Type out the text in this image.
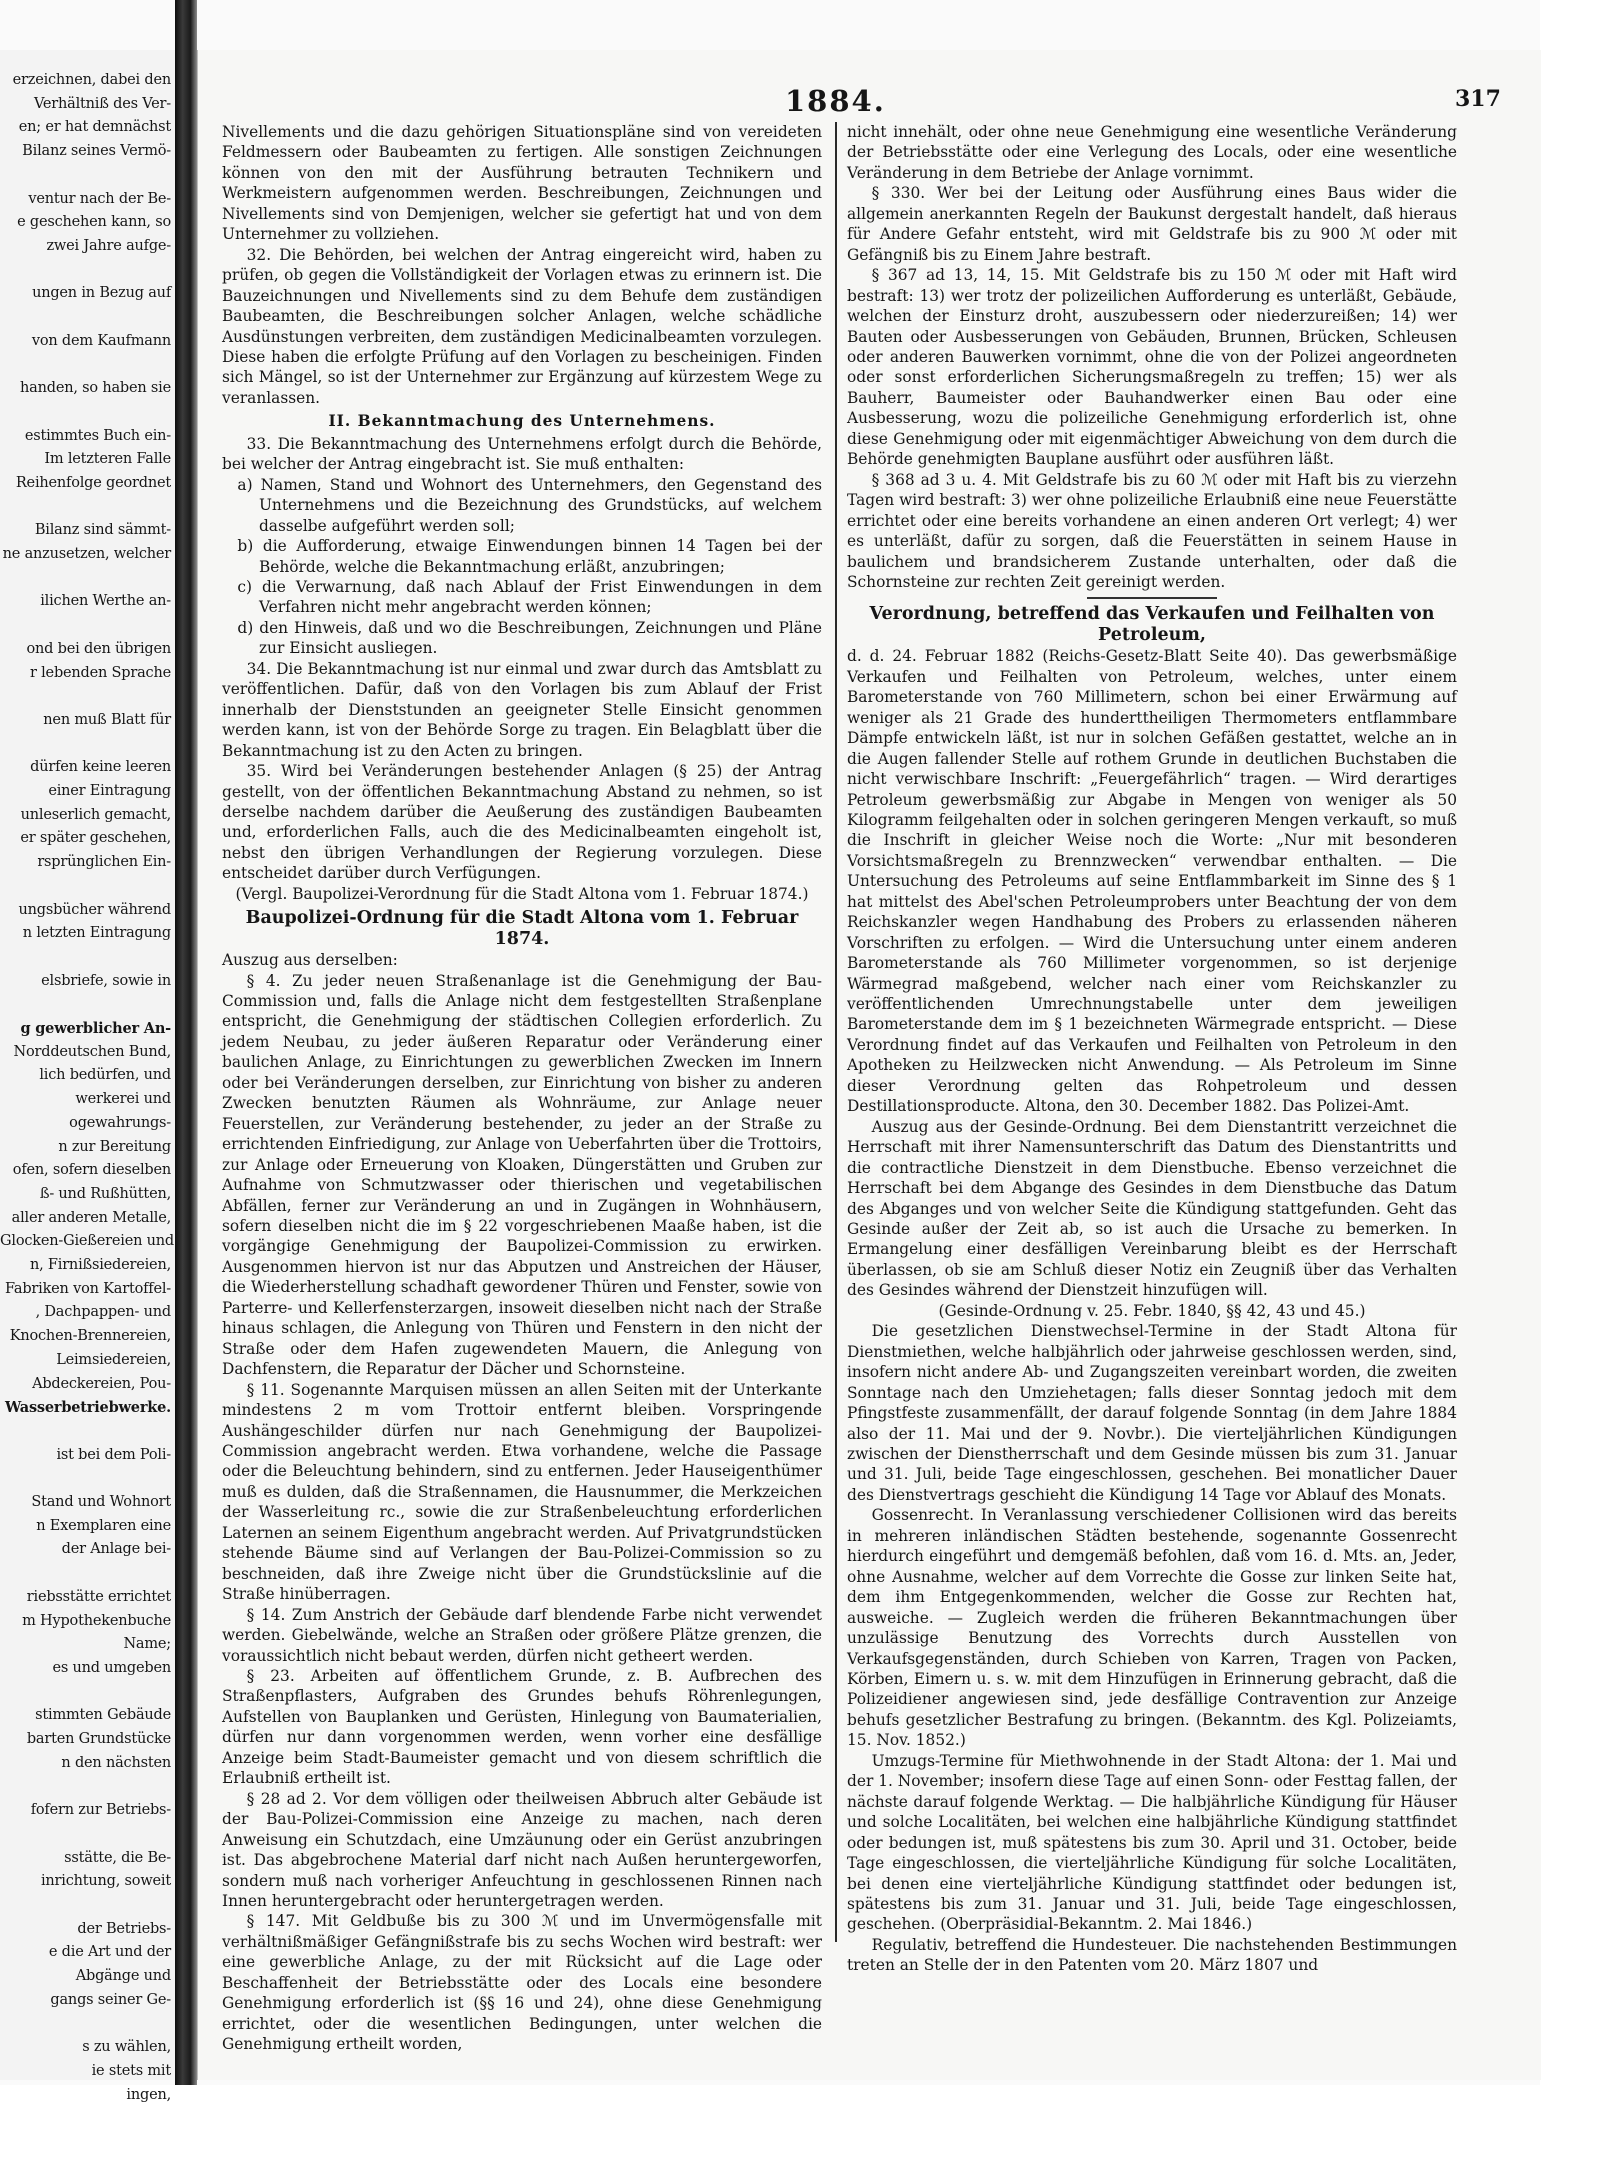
erzeichnen, dabei den
Verhältniß des Ver-
en; er hat demnächst
Bilanz seines Vermö-
ventur nach der Be-
e geschehen kann, so
zwei Jahre aufge-
ungen in Bezug auf
von dem Kaufmann
handen, so haben sie
estimmtes Buch ein-
Im letzteren Falle
Reihenfolge geordnet
Bilanz sind sämmt-
ne anzusetzen, welcher
ilichen Werthe an-
ond bei den übrigen
r lebenden Sprache
nen muß Blatt für
dürfen keine leeren
einer Eintragung
unleserlich gemacht,
er später geschehen,
rsprünglichen Ein-
ungsbücher während
n letzten Eintragung
elsbriefe, sowie in
g gewerblicher An-
Norddeutschen Bund,
lich bedürfen, und
werkerei und
ogewahrungs-
n zur Bereitung
ofen, sofern dieselben
ß- und Rußhütten,
aller anderen Metalle,
Glocken-Gießereien und
n, Firnißsiedereien,
Fabriken von Kartoffel-
, Dachpappen- und
Knochen-Brennereien,
Leimsiedereien,
Abdeckereien, Pou-
Wasserbetriebwerke.
ist bei dem Poli-
Stand und Wohnort
n Exemplaren eine
der Anlage bei-
riebsstätte errichtet
m Hypothekenbuche
Name;
es und umgeben
stimmten Gebäude
barten Grundstücke
n den nächsten
fofern zur Betriebs-
sstätte, die Be-
inrichtung, soweit
der Betriebs-
e die Art und der
Abgänge und
gangs seiner Ge-
s zu wählen,
ie stets mit
ingen,
1884.	317

Nivellements und die dazu gehörigen Situationspläne sind von vereideten Feldmessern oder Baubeamten zu fertigen. Alle sonstigen Zeichnungen können von den mit der Ausführung betrauten Technikern und Werkmeistern aufgenommen werden. Beschreibungen, Zeichnungen und Nivellements sind von Demjenigen, welcher sie gefertigt hat und von dem Unternehmer zu vollziehen.

32. Die Behörden, bei welchen der Antrag eingereicht wird, haben zu prüfen, ob gegen die Vollständigkeit der Vorlagen etwas zu erinnern ist. Die Bauzeichnungen und Nivellements sind zu dem Behufe dem zuständigen Baubeamten, die Beschreibungen solcher Anlagen, welche schädliche Ausdünstungen verbreiten, dem zuständigen Medicinalbeamten vorzulegen. Diese haben die erfolgte Prüfung auf den Vorlagen zu bescheinigen. Finden sich Mängel, so ist der Unternehmer zur Ergänzung auf kürzestem Wege zu veranlassen.

II. Bekanntmachung des Unternehmens.

33. Die Bekanntmachung des Unternehmens erfolgt durch die Behörde, bei welcher der Antrag eingebracht ist. Sie muß enthalten:

a) Namen, Stand und Wohnort des Unternehmers, den Gegenstand des Unternehmens und die Bezeichnung des Grundstücks, auf welchem dasselbe aufgeführt werden soll;

b) die Aufforderung, etwaige Einwendungen binnen 14 Tagen bei der Behörde, welche die Bekanntmachung erläßt, anzubringen;

c) die Verwarnung, daß nach Ablauf der Frist Einwendungen in dem Verfahren nicht mehr angebracht werden können;

d) den Hinweis, daß und wo die Beschreibungen, Zeichnungen und Pläne zur Einsicht ausliegen.

34. Die Bekanntmachung ist nur einmal und zwar durch das Amtsblatt zu veröffentlichen. Dafür, daß von den Vorlagen bis zum Ablauf der Frist innerhalb der Dienststunden an geeigneter Stelle Einsicht genommen werden kann, ist von der Behörde Sorge zu tragen. Ein Belagblatt über die Bekanntmachung ist zu den Acten zu bringen.

35. Wird bei Veränderungen bestehender Anlagen (§ 25) der Antrag gestellt, von der öffentlichen Bekanntmachung Abstand zu nehmen, so ist derselbe nachdem darüber die Aeußerung des zuständigen Baubeamten und, erforderlichen Falls, auch die des Medicinalbeamten eingeholt ist, nebst den übrigen Verhandlungen der Regierung vorzulegen. Diese entscheidet darüber durch Verfügungen.

(Vergl. Baupolizei-Verordnung für die Stadt Altona vom 1. Februar 1874.)

Baupolizei-Ordnung für die Stadt Altona vom 1. Februar 1874.

Auszug aus derselben:

§ 4. Zu jeder neuen Straßenanlage ist die Genehmigung der Bau-Commission und, falls die Anlage nicht dem festgestellten Straßenplane entspricht, die Genehmigung der städtischen Collegien erforderlich. Zu jedem Neubau, zu jeder äußeren Reparatur oder Veränderung einer baulichen Anlage, zu Einrichtungen zu gewerblichen Zwecken im Innern oder bei Veränderungen derselben, zur Einrichtung von bisher zu anderen Zwecken benutzten Räumen als Wohnräume, zur Anlage neuer Feuerstellen, zur Veränderung bestehender, zu jeder an der Straße zu errichtenden Einfriedigung, zur Anlage von Ueberfahrten über die Trottoirs, zur Anlage oder Erneuerung von Kloaken, Düngerstätten und Gruben zur Aufnahme von Schmutzwasser oder thierischen und vegetabilischen Abfällen, ferner zur Veränderung an und in Zugängen in Wohnhäusern, sofern dieselben nicht die im § 22 vorgeschriebenen Maaße haben, ist die vorgängige Genehmigung der Baupolizei-Commission zu erwirken. Ausgenommen hiervon ist nur das Abputzen und Anstreichen der Häuser, die Wiederherstellung schadhaft gewordener Thüren und Fenster, sowie von Parterre- und Kellerfensterzargen, insoweit dieselben nicht nach der Straße hinaus schlagen, die Anlegung von Thüren und Fenstern in den nicht der Straße oder dem Hafen zugewendeten Mauern, die Anlegung von Dachfenstern, die Reparatur der Dächer und Schornsteine.

§ 11. Sogenannte Marquisen müssen an allen Seiten mit der Unterkante mindestens 2 m vom Trottoir entfernt bleiben. Vorspringende Aushängeschilder dürfen nur nach Genehmigung der Baupolizei-Commission angebracht werden. Etwa vorhandene, welche die Passage oder die Beleuchtung behindern, sind zu entfernen. Jeder Hauseigenthümer muß es dulden, daß die Straßennamen, die Hausnummer, die Merkzeichen der Wasserleitung rc., sowie die zur Straßenbeleuchtung erforderlichen Laternen an seinem Eigenthum angebracht werden. Auf Privatgrundstücken stehende Bäume sind auf Verlangen der Bau-Polizei-Commission so zu beschneiden, daß ihre Zweige nicht über die Grundstückslinie auf die Straße hinüberragen.

§ 14. Zum Anstrich der Gebäude darf blendende Farbe nicht verwendet werden. Giebelwände, welche an Straßen oder größere Plätze grenzen, die voraussichtlich nicht bebaut werden, dürfen nicht getheert werden.

§ 23. Arbeiten auf öffentlichem Grunde, z. B. Aufbrechen des Straßenpflasters, Aufgraben des Grundes behufs Röhrenlegungen, Aufstellen von Bauplanken und Gerüsten, Hinlegung von Baumaterialien, dürfen nur dann vorgenommen werden, wenn vorher eine desfällige Anzeige beim Stadt-Baumeister gemacht und von diesem schriftlich die Erlaubniß ertheilt ist.

§ 28 ad 2. Vor dem völligen oder theilweisen Abbruch alter Gebäude ist der Bau-Polizei-Commission eine Anzeige zu machen, nach deren Anweisung ein Schutzdach, eine Umzäunung oder ein Gerüst anzubringen ist. Das abgebrochene Material darf nicht nach Außen heruntergeworfen, sondern muß nach vorheriger Anfeuchtung in geschlossenen Rinnen nach Innen heruntergebracht oder heruntergetragen werden.

§ 147. Mit Geldbuße bis zu 300 ℳ und im Unvermögensfalle mit verhältnißmäßiger Gefängnißstrafe bis zu sechs Wochen wird bestraft: wer eine gewerbliche Anlage, zu der mit Rücksicht auf die Lage oder Beschaffenheit der Betriebsstätte oder des Locals eine besondere Genehmigung erforderlich ist (§§ 16 und 24), ohne diese Genehmigung errichtet, oder die wesentlichen Bedingungen, unter welchen die Genehmigung ertheilt worden,

nicht innehält, oder ohne neue Genehmigung eine wesentliche Veränderung der Betriebsstätte oder eine Verlegung des Locals, oder eine wesentliche Veränderung in dem Betriebe der Anlage vornimmt.

§ 330. Wer bei der Leitung oder Ausführung eines Baus wider die allgemein anerkannten Regeln der Baukunst dergestalt handelt, daß hieraus für Andere Gefahr entsteht, wird mit Geldstrafe bis zu 900 ℳ oder mit Gefängniß bis zu Einem Jahre bestraft.

§ 367 ad 13, 14, 15. Mit Geldstrafe bis zu 150 ℳ oder mit Haft wird bestraft: 13) wer trotz der polizeilichen Aufforderung es unterläßt, Gebäude, welchen der Einsturz droht, auszubessern oder niederzureißen; 14) wer Bauten oder Ausbesserungen von Gebäuden, Brunnen, Brücken, Schleusen oder anderen Bauwerken vornimmt, ohne die von der Polizei angeordneten oder sonst erforderlichen Sicherungsmaßregeln zu treffen; 15) wer als Bauherr, Baumeister oder Bauhandwerker einen Bau oder eine Ausbesserung, wozu die polizeiliche Genehmigung erforderlich ist, ohne diese Genehmigung oder mit eigenmächtiger Abweichung von dem durch die Behörde genehmigten Bauplane ausführt oder ausführen läßt.

§ 368 ad 3 u. 4. Mit Geldstrafe bis zu 60 ℳ oder mit Haft bis zu vierzehn Tagen wird bestraft: 3) wer ohne polizeiliche Erlaubniß eine neue Feuerstätte errichtet oder eine bereits vorhandene an einen anderen Ort verlegt; 4) wer es unterläßt, dafür zu sorgen, daß die Feuerstätten in seinem Hause in baulichem und brandsicherem Zustande unterhalten, oder daß die Schornsteine zur rechten Zeit gereinigt werden.

Verordnung, betreffend das Verkaufen und Feilhalten von Petroleum,

d. d. 24. Februar 1882 (Reichs-Gesetz-Blatt Seite 40). Das gewerbsmäßige Verkaufen und Feilhalten von Petroleum, welches, unter einem Barometerstande von 760 Millimetern, schon bei einer Erwärmung auf weniger als 21 Grade des hunderttheiligen Thermometers entflammbare Dämpfe entwickeln läßt, ist nur in solchen Gefäßen gestattet, welche an in die Augen fallender Stelle auf rothem Grunde in deutlichen Buchstaben die nicht verwischbare Inschrift: „Feuergefährlich“ tragen. — Wird derartiges Petroleum gewerbsmäßig zur Abgabe in Mengen von weniger als 50 Kilogramm feilgehalten oder in solchen geringeren Mengen verkauft, so muß die Inschrift in gleicher Weise noch die Worte: „Nur mit besonderen Vorsichtsmaßregeln zu Brennzwecken“ verwendbar enthalten. — Die Untersuchung des Petroleums auf seine Entflammbarkeit im Sinne des § 1 hat mittelst des Abel'schen Petroleumprobers unter Beachtung der von dem Reichskanzler wegen Handhabung des Probers zu erlassenden näheren Vorschriften zu erfolgen. — Wird die Untersuchung unter einem anderen Barometerstande als 760 Millimeter vorgenommen, so ist derjenige Wärmegrad maßgebend, welcher nach einer vom Reichskanzler zu veröffentlichenden Umrechnungstabelle unter dem jeweiligen Barometerstande dem im § 1 bezeichneten Wärmegrade entspricht. — Diese Verordnung findet auf das Verkaufen und Feilhalten von Petroleum in den Apotheken zu Heilzwecken nicht Anwendung. — Als Petroleum im Sinne dieser Verordnung gelten das Rohpetroleum und dessen Destillationsproducte. Altona, den 30. December 1882. Das Polizei-Amt.

Auszug aus der Gesinde-Ordnung. Bei dem Dienstantritt verzeichnet die Herrschaft mit ihrer Namensunterschrift das Datum des Dienstantritts und die contractliche Dienstzeit in dem Dienstbuche. Ebenso verzeichnet die Herrschaft bei dem Abgange des Gesindes in dem Dienstbuche das Datum des Abganges und von welcher Seite die Kündigung stattgefunden. Geht das Gesinde außer der Zeit ab, so ist auch die Ursache zu bemerken. In Ermangelung einer desfälligen Vereinbarung bleibt es der Herrschaft überlassen, ob sie am Schluß dieser Notiz ein Zeugniß über das Verhalten des Gesindes während der Dienstzeit hinzufügen will.

(Gesinde-Ordnung v. 25. Febr. 1840, §§ 42, 43 und 45.)

Die gesetzlichen Dienstwechsel-Termine in der Stadt Altona für Dienstmiethen, welche halbjährlich oder jahrweise geschlossen werden, sind, insofern nicht andere Ab- und Zugangszeiten vereinbart worden, die zweiten Sonntage nach den Umziehetagen; falls dieser Sonntag jedoch mit dem Pfingstfeste zusammenfällt, der darauf folgende Sonntag (in dem Jahre 1884 also der 11. Mai und der 9. Novbr.). Die vierteljährlichen Kündigungen zwischen der Dienstherrschaft und dem Gesinde müssen bis zum 31. Januar und 31. Juli, beide Tage eingeschlossen, geschehen. Bei monatlicher Dauer des Dienstvertrags geschieht die Kündigung 14 Tage vor Ablauf des Monats.

Gossenrecht. In Veranlassung verschiedener Collisionen wird das bereits in mehreren inländischen Städten bestehende, sogenannte Gossenrecht hierdurch eingeführt und demgemäß befohlen, daß vom 16. d. Mts. an, Jeder, ohne Ausnahme, welcher auf dem Vorrechte die Gosse zur linken Seite hat, dem ihm Entgegenkommenden, welcher die Gosse zur Rechten hat, ausweiche. — Zugleich werden die früheren Bekanntmachungen über unzulässige Benutzung des Vorrechts durch Ausstellen von Verkaufsgegenständen, durch Schieben von Karren, Tragen von Packen, Körben, Eimern u. s. w. mit dem Hinzufügen in Erinnerung gebracht, daß die Polizeidiener angewiesen sind, jede desfällige Contravention zur Anzeige behufs gesetzlicher Bestrafung zu bringen. (Bekanntm. des Kgl. Polizeiamts, 15. Nov. 1852.)

Umzugs-Termine für Miethwohnende in der Stadt Altona: der 1. Mai und der 1. November; insofern diese Tage auf einen Sonn- oder Festtag fallen, der nächste darauf folgende Werktag. — Die halbjährliche Kündigung für Häuser und solche Localitäten, bei welchen eine halbjährliche Kündigung stattfindet oder bedungen ist, muß spätestens bis zum 30. April und 31. October, beide Tage eingeschlossen, die vierteljährliche Kündigung für solche Localitäten, bei denen eine vierteljährliche Kündigung stattfindet oder bedungen ist, spätestens bis zum 31. Januar und 31. Juli, beide Tage eingeschlossen, geschehen. (Oberpräsidial-Bekanntm. 2. Mai 1846.)

Regulativ, betreffend die Hundesteuer. Die nachstehenden Bestimmungen treten an Stelle der in den Patenten vom 20. März 1807 und
